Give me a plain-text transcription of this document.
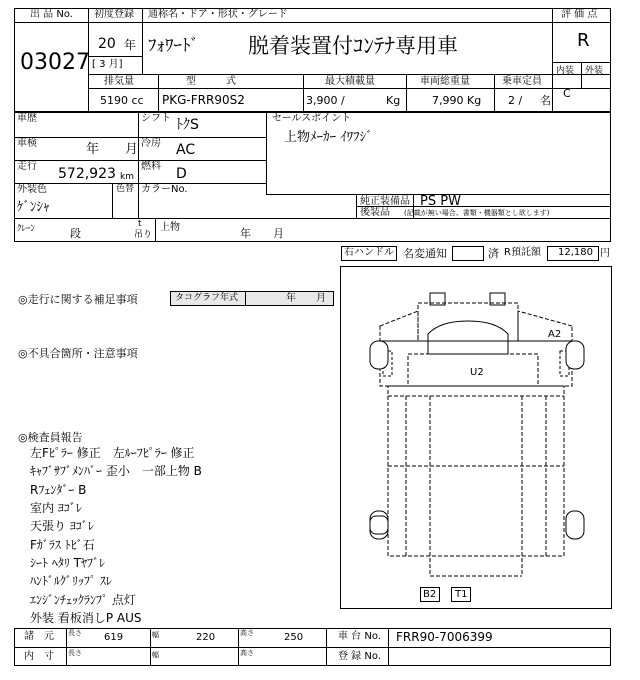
出 品 No.
03027
初度登録 通称名・ドア・形状・グレード
20 年
[ 3 月]
ﾌｫﾜｰﾄﾞ 脱着装置付ｺﾝﾃﾅ専用車
評 価 点
R
内装 外装
C
排気量	型　　　式	最大積載量	車両総重量	乗車定員
5190 cc PKG-FRR90S2	3,900 /	Kg	7,990 Kg 2 / 名
車歴	シフト ﾄｸS
車検	年　　月 冷房 AC
走行 572,923 km
燃料 D
外装色
ｹﾞﾝｼｬ
色替 カラーNo.
セールスポイント
上物ﾒｰｶｰ ｲﾜﾌｼﾞ
純正装備品 PS PW
後装品 (記載が無い場合、書類・機器類とし欲します)
ｸﾚｰﾝ	段
t
吊り
上物	年　　月
右ハンドル 名変通知	済 R預託額 12,180 円
◎走行に関する補足事項	タコグラフ年式	年　　月
◎不具合箇所・注意事項
◎検査員報告
左Fﾋﾟﾗｰ 修正　左ﾙｰﾌﾋﾟﾗｰ 修正
ｷｬﾌﾞｻﾌﾞﾒﾝﾊﾞｰ 歪小　一部上物 B
Rﾌｪﾝﾀﾞｰ B
室内 ﾖｺﾞﾚ
天張り ﾖｺﾞﾚ
Fｶﾞﾗｽ ﾄﾋﾞ石
ｼｰﾄ ﾍﾀﾘ Tﾔﾌﾞﾚ
ﾊﾝﾄﾞﾙｸﾞﾘｯﾌﾟ ｽﾚ
ｴﾝｼﾞﾝﾁｪｯｸﾗﾝﾌﾟ 点灯
外装 看板消しP AUS
A2
U2
B2 T1
諸　元
内　寸
長さ 619	幅	220	高さ	250
長さ	幅	高さ
車 台 No. FRR90-7006399
登 録 No.
